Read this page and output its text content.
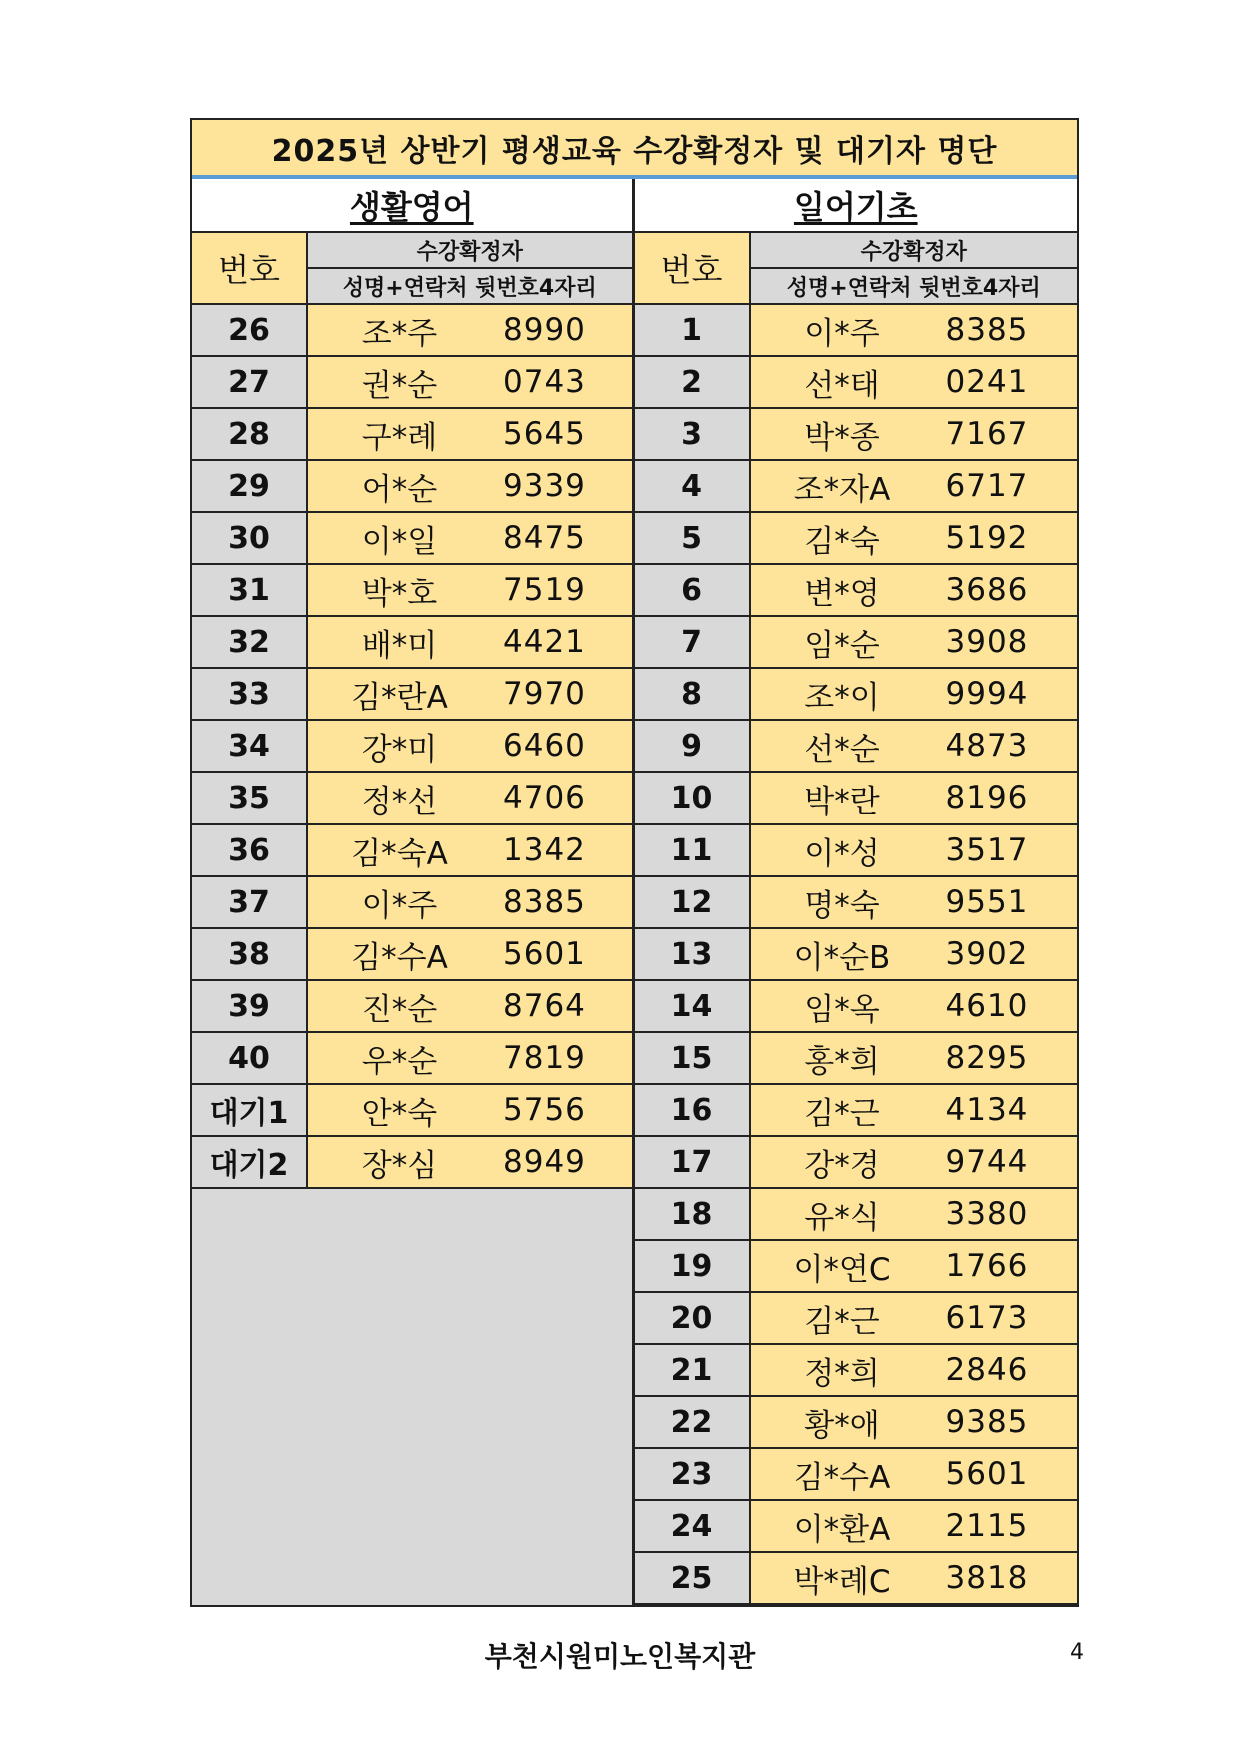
2025년 상반기 평생교육 수강확정자 및 대기자 명단
생활영어
번호	수강확정자
성명+연락처 뒷번호4자리
26	조*주	8990
27	권*순	0743
28	구*례	5645
29	어*순	9339
30	이*일	8475
31	박*호	7519
32	배*미	4421
33	김*란A	7970
34	강*미	6460
35	정*선	4706
36	김*숙A	1342
37	이*주	8385
38	김*수A	5601
39	진*순	8764
40	우*순	7819
대기1	안*숙	5756
대기2	장*심	8949
일어기초
번호	수강확정자
성명+연락처 뒷번호4자리
1	이*주	8385
2	선*태	0241
3	박*종	7167
4	조*자A	6717
5	김*숙	5192
6	변*영	3686
7	임*순	3908
8	조*이	9994
9	선*순	4873
10	박*란	8196
11	이*성	3517
12	명*숙	9551
13	이*순B	3902
14	임*옥	4610
15	홍*희	8295
16	김*근	4134
17	강*경	9744
18	유*식	3380
19	이*연C	1766
20	김*근	6173
21	정*희	2846
22	황*애	9385
23	김*수A	5601
24	이*환A	2115
25	박*례C	3818
부천시원미노인복지관	4
